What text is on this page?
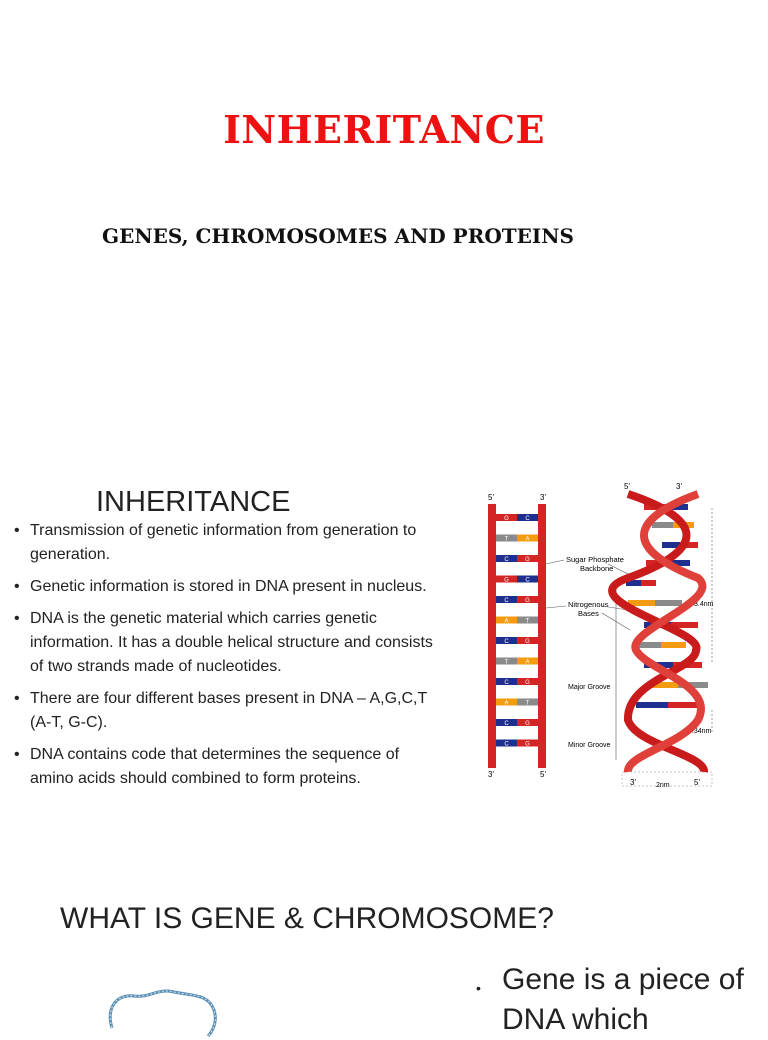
INHERITANCE
GENES, CHROMOSOMES AND PROTEINS
INHERITANCE
• Transmission of genetic information from generation to generation.
• Genetic information is stored in DNA present in nucleus.
• DNA is the genetic material which carries genetic information. It has a double helical structure and consists of two strands made of nucleotides.
• There are four different bases present in DNA – A,G,C,T (A-T, G-C).
• DNA contains code that determines the sequence of amino acids should combined to form proteins.
5'	3'
3'	5'
G	C
T	A
C	G
G	C
C	G
A	T
C	G
T	A
C	G
A	T
C	G
C	G
Sugar Phosphate
Backbone
Nitrogenous
Bases
Major Groove
Minor Groove
5'	3'
3'	5'
3.4nm
0.34nm
2nm
WHAT IS GENE & CHROMOSOME?
• Gene is a piece of DNA which
